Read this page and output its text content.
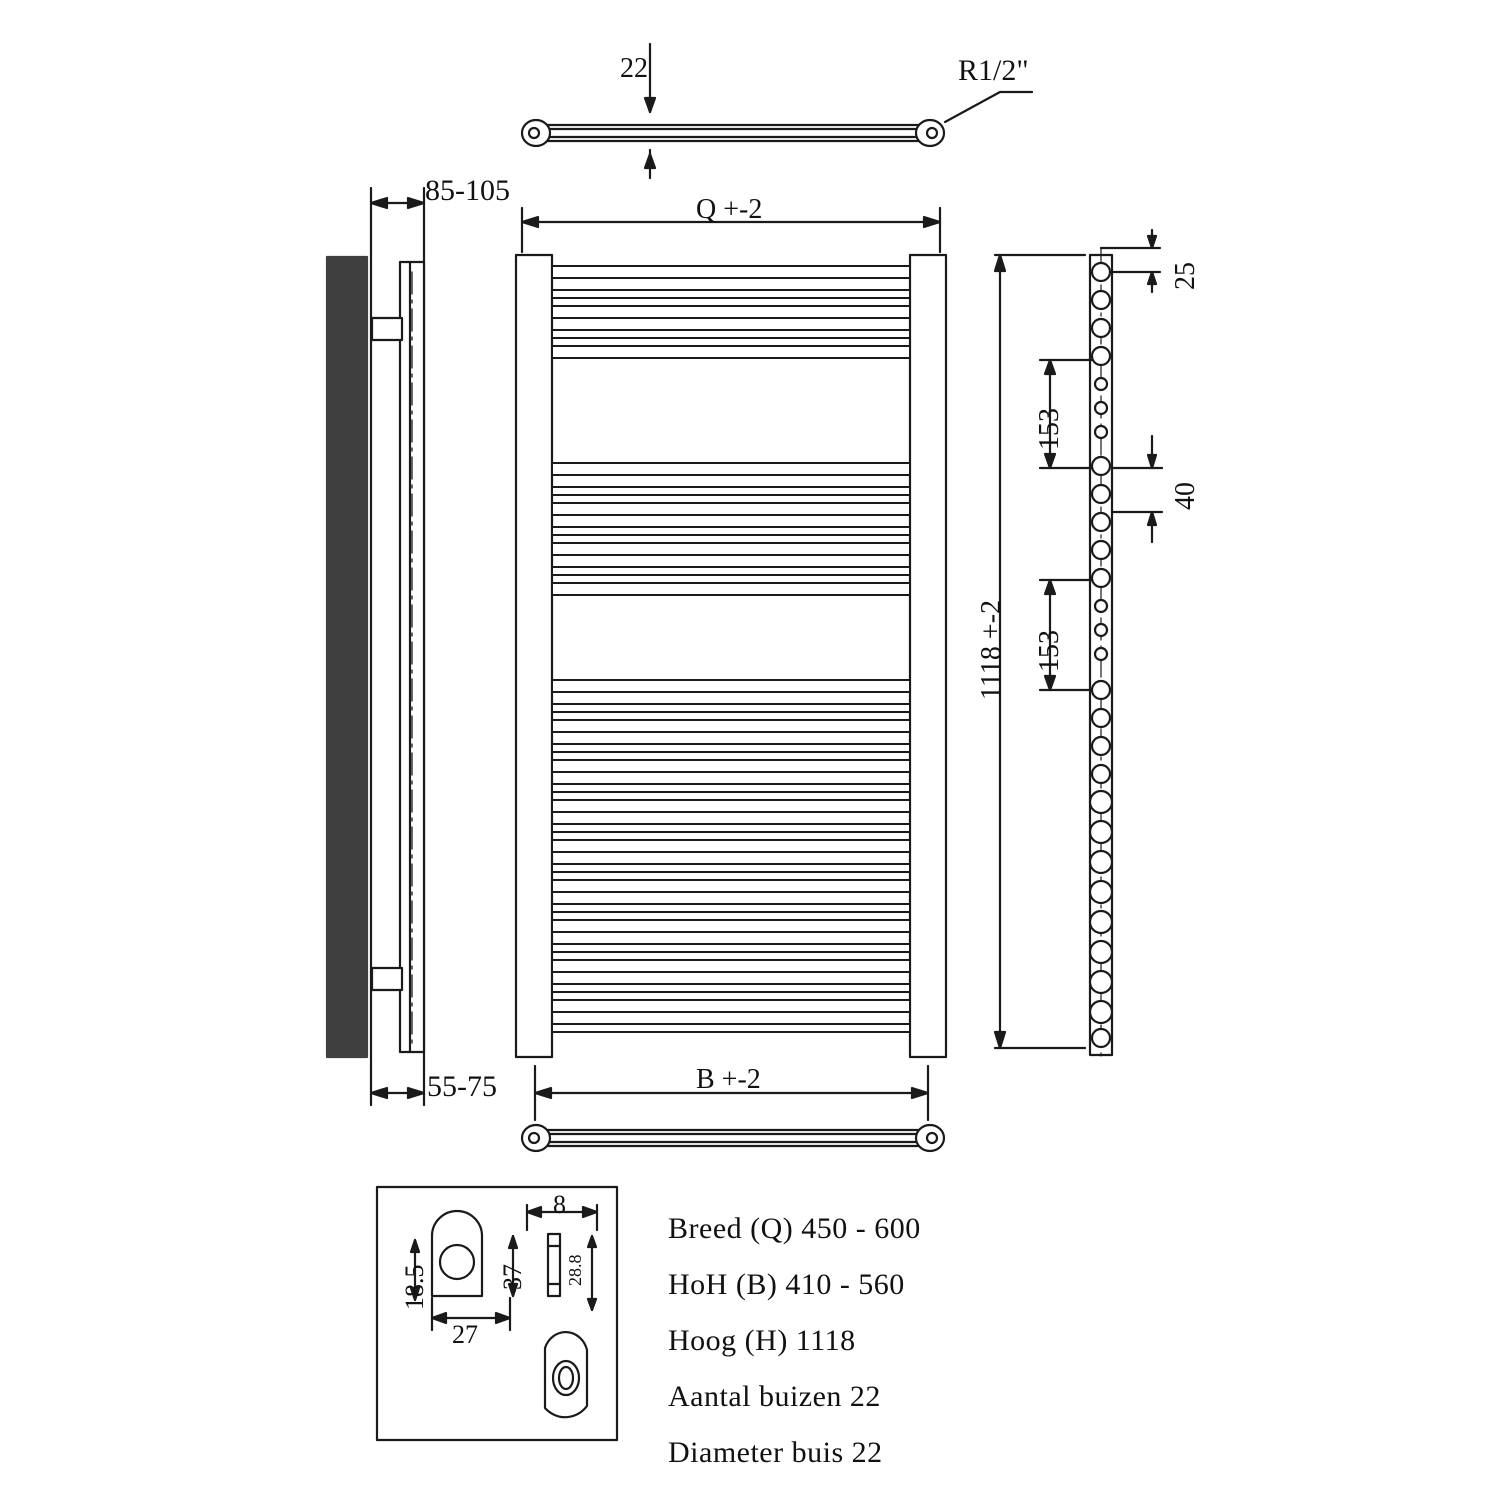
22	R1/2"
85-105
55-75
Q +-2
B +-2
1118 +-2
25
153
40
153
8
37
18.5
27
28.8
Breed (Q) 450 - 600
HoH (B) 410 - 560
Hoog (H) 1118
Aantal buizen 22
Diameter buis 22
